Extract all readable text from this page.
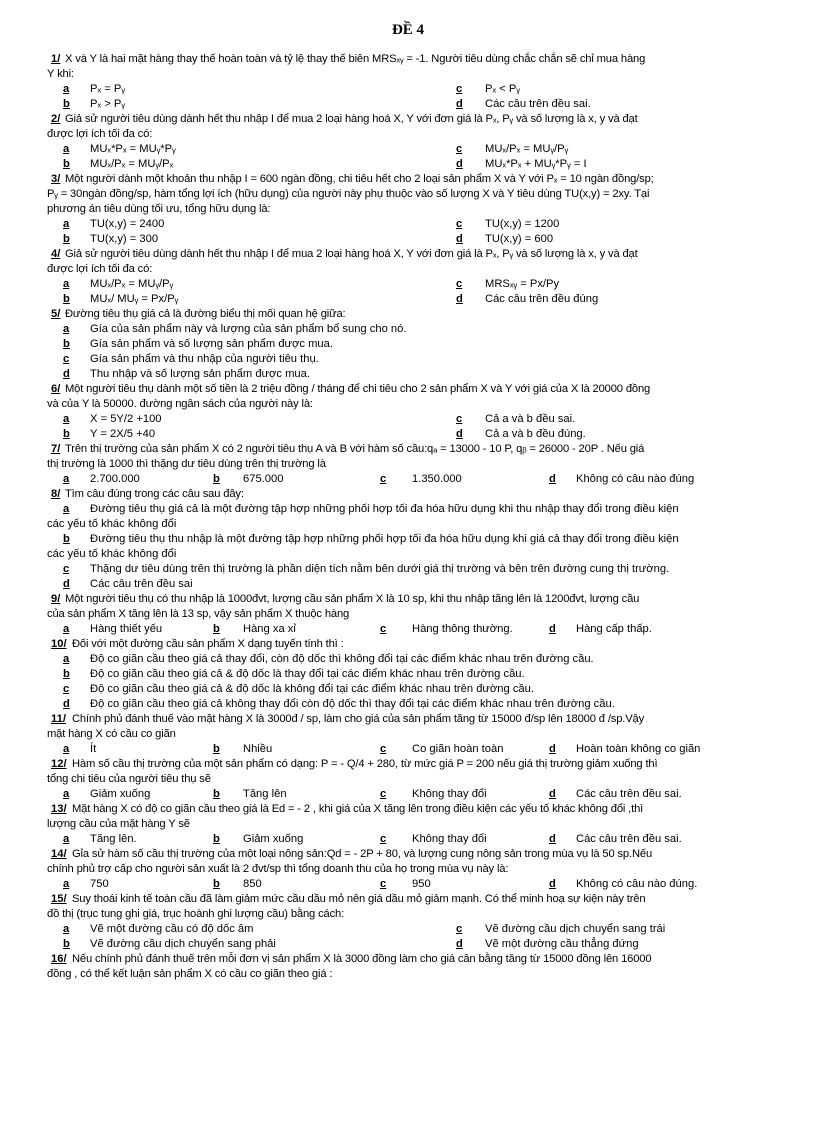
ĐỀ 4
1/ X và Y là hai mặt hàng thay thế hoàn toàn và tỷ lệ thay thế biên MRSₓᵧ = -1. Người tiêu dùng chắc chắn sẽ chỉ mua hàng
Y khi:
a Pₓ = Pᵧ	c Pₓ < Pᵧ
b Pₓ > Pᵧ	d Các câu trên đều sai.
2/ Giả sử người tiêu dùng dành hết thu nhập I để mua 2 loại hàng hoá X, Y với đơn giá là Pₓ, Pᵧ và số lượng là x, y và đạt
được lợi ích tối đa có:
a MUₓ*Pₓ = MUᵧ*Pᵧ	c MUₓ/Pₓ = MUᵧ/Pᵧ
b MUₓ/Pₓ = MUᵧ/Pₓ	d MUₓ*Pₓ + MUᵧ*Pᵧ = I
3/ Một người dành một khoản thu nhập I = 600 ngàn đồng, chi tiêu hết cho 2 loại sản phẩm X và Y với Pₓ = 10 ngàn đồng/sp;
Pᵧ = 30ngàn đồng/sp, hàm tổng lợi ích (hữu dụng) của người này phụ thuộc vào số lượng X và Y tiêu dùng TU(x,y) = 2xy. Tại
phương án tiêu dùng tối ưu, tổng hữu dụng là:
a TU(x,y) = 2400	c TU(x,y) = 1200
b TU(x,y) = 300	d TU(x,y) = 600
4/ Giả sử người tiêu dùng dành hết thu nhập I để mua 2 loại hàng hoá X, Y với đơn giá là Pₓ, Pᵧ và số lượng là x, y và đạt
được lợi ích tối đa có:
a MUₓ/Pₓ = MUᵧ/Pᵧ	c MRSₓᵧ = Px/Py
b MUₓ/ MUᵧ = Px/Pᵧ	d Các câu trên đều đúng
5/ Đường tiêu thụ giá cả là đường biểu thị mối quan hệ giữa:
a Gía của sản phẩm này và lượng của sản phẩm bổ sung cho nó.
b Gía sản phẩm và số lượng sản phẩm được mua.
c Gía sản phẩm và thu nhập của người tiêu thụ.
d Thu nhập và số lượng sản phẩm được mua.
6/ Một người tiêu thụ dành một số tiền là 2 triệu đồng / tháng để chi tiêu cho 2 sản phẩm X và Y với giá của X là 20000 đồng
và của Y là 50000. đường ngân sách của người này là:
a X = 5Y/2 +100	c Cả a và b đều sai.
b Y = 2X/5 +40	d Cả a và b đều đúng.
7/ Trên thị trường của sản phẩm X có 2 người tiêu thụ A và B với hàm số cầu:qₐ = 13000 - 10 P, qᵦ = 26000 - 20P . Nếu giá
thị trường là 1000 thì thặng dư tiêu dùng trên thị trường là
a 2.700.000	b 675.000	c 1.350.000	d Không có câu nào đúng
8/ Tìm câu đúng trong các câu sau đây:
a Đường tiêu thụ giá cả là một đường tập hợp những phối hợp tối đa hóa hữu dụng khi thu nhập thay đổi trong điều kiện
các yếu tố khác không đổi
b Đường tiêu thụ thu nhập là một đường tập hợp những phối hợp tối đa hóa hữu dụng khi giá cả thay đổi trong điều kiện
các yếu tố khác không đổi
c Thặng dư tiêu dùng trên thị trường là phần diện tích nằm bên dưới giá thị trường và bên trên đường cung thị trường.
d Các câu trên đều sai
9/ Một người tiêu thụ có thu nhập là 1000đvt, lượng cầu sản phẩm X là 10 sp, khi thu nhập tăng lên là 1200đvt, lượng cầu
của sản phẩm X tăng lên là 13 sp, vậy sản phẩm X thuộc hàng
a Hàng thiết yếu	b Hàng xa xỉ	c Hàng thông thường.	d Hàng cấp thấp.
10/ Đối với một đường cầu sản phẩm X dạng tuyến tính thì :
a Độ co giãn cầu theo giá cả thay đổi, còn độ dốc thì không đổi tại các điểm khác nhau trên đường cầu.
b Độ co giãn cầu theo giá cả & độ dốc là thay đổi tại các điểm khác nhau trên đường cầu.
c Độ co giãn cầu theo giá cả & độ dốc là không đổi tại các điểm khác nhau trên đường cầu.
d Độ co giãn cầu theo giá cả không thay đổi còn độ dốc thì thay đổi tại các điểm khác nhau trên đường cầu.
11/ Chính phủ đánh thuế vào mặt hàng X là 3000đ / sp, làm cho giá của sản phẩm tăng từ 15000 đ/sp lên 18000 đ /sp.Vậy
mặt hàng X có cầu co giãn
a Ít	b Nhiều	c Co giãn hoàn toàn	d Hoàn toàn không co giãn
12/ Hàm số cầu thị trường của một sản phẩm có dạng: P = - Q/4 + 280, từ mức giá P = 200 nếu giá thị trường giảm xuống thì
tổng chi tiêu của người tiêu thụ sẽ
a Giảm xuống	b Tăng lên	c Không thay đổi	d Các câu trên đều sai.
13/ Mặt hàng X có độ co giãn cầu theo giá là Ed = - 2 , khi giá của X tăng lên trong điều kiện các yếu tố khác không đổi ,thì
lượng cầu của mặt hàng Y sẽ
a Tăng lên.	b Giảm xuống	c Không thay đổi	d Các câu trên đều sai.
14/ Gỉa sử hàm số cầu thị trường của một loại nông sản:Qd = - 2P + 80, và lượng cung nông sản trong mùa vụ là 50 sp.Nếu
chính phủ trợ cấp cho người sản xuất là 2 đvt/sp thì tổng doanh thu của họ trong mùa vụ này là:
a 750	b 850	c 950	d Không có câu nào đúng.
15/ Suy thoái kinh tế toàn cầu đã làm giảm mức cầu dầu mỏ nên giá dầu mỏ giảm mạnh. Có thể minh hoạ sự kiện này trên
đồ thị (trục tung ghi giá, trục hoành ghi lượng cầu) bằng cách:
a Vẽ một đường cầu có độ dốc âm	c Vẽ đường cầu dịch chuyển sang trái
b Vẽ đường cầu dịch chuyển sang phải	d Vẽ một đường cầu thẳng đứng
16/ Nếu chính phủ đánh thuế trên mỗi đơn vị sản phẩm X là 3000 đồng làm cho giá cân bằng tăng từ 15000 đồng lên 16000
đồng , có thể kết luận sản phẩm X có cầu co giãn theo giá :
